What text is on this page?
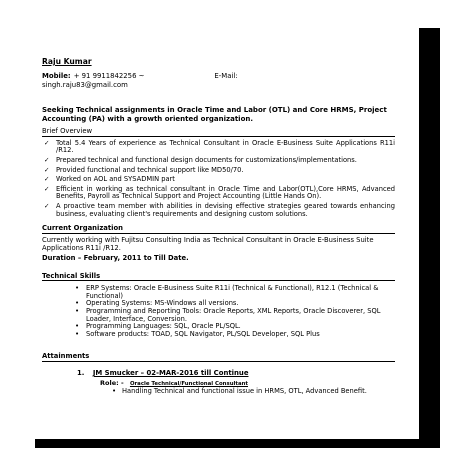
Raju Kumar
Mobile: + 91 9911842256 ~	E-Mail:
singh.raju83@gmail.com
Seeking Technical assignments in Oracle Time and Labor (OTL) and Core HRMS, Project Accounting (PA) with a growth oriented organization.
Brief Overview
✓ Total 5.4 Years of experience as Technical Consultant in Oracle E-Business Suite Applications R11i /R12.
✓ Prepared technical and functional design documents for customizations/implementations.
✓ Provided functional and technical support like MD50/70.
✓ Worked on AOL and SYSADMIN part
✓ Efficient in working as technical consultant in Oracle Time and Labor(OTL),Core HRMS, Advanced Benefits, Payroll as Technical Support and Project Accounting (Little Hands On).
✓ A proactive team member with abilities in devising effective strategies geared towards enhancing business, evaluating client's requirements and designing custom solutions.
Current Organization
Currently working with Fujitsu Consulting India as Technical Consultant in Oracle E-Business Suite Applications R11i /R12.
Duration – February, 2011 to Till Date.
Technical Skills
• ERP Systems: Oracle E-Business Suite R11i (Technical & Functional), R12.1 (Technical & Functional)
• Operating Systems: MS-Windows all versions.
• Programming and Reporting Tools: Oracle Reports, XML Reports, Oracle Discoverer, SQL Loader, Interface, Conversion.
• Programming Languages: SQL, Oracle PL/SQL.
• Software products: TOAD, SQL Navigator, PL/SQL Developer, SQL Plus
Attainments
1. JM Smucker – 02-MAR-2016 till Continue
Role: - Oracle Technical/Functional Consultant
• Handling Technical and functional issue in HRMS, OTL, Advanced Benefit.
